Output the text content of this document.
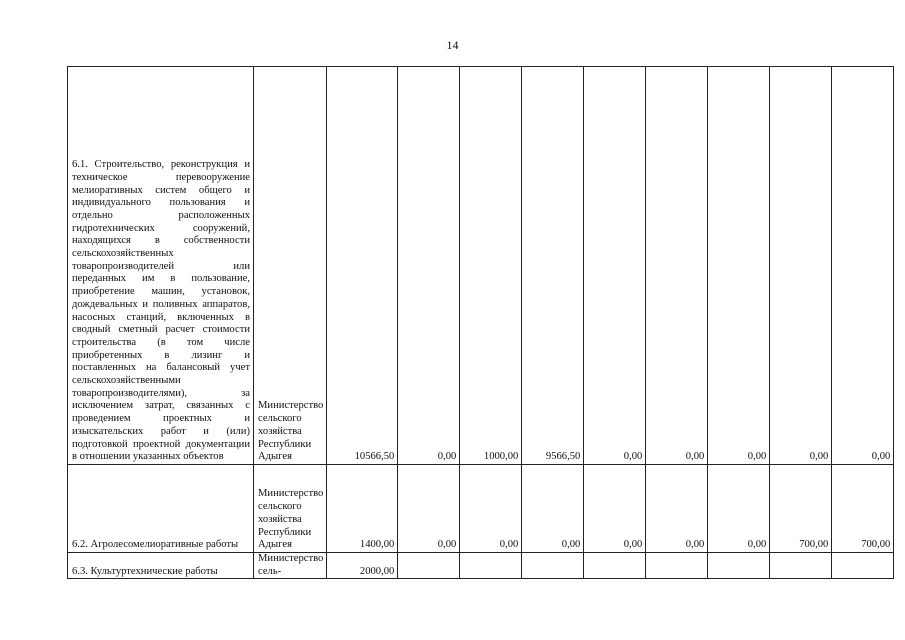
14
6.1. Строительство, реконструкция и техническое перевооружение мелиоративных систем общего и индивидуального пользования и отдельно расположенных гидротехнических сооружений, находящихся в собственности сельскохозяйственных товаропроизводителей или переданных им в пользование, приобретение машин, установок, дождевальных и поливных аппаратов, насосных станций, включенных в сводный сметный расчет стоимости строительства (в том числе приобретенных в лизинг и поставленных на балансовый учет сельскохозяйственными товаропроизводителями), за исключением затрат, связанных с проведением проектных и изыскательских работ и (или) подготовкой проектной документации в отношении указанных объектов	Министерство сельского хозяйства Республики Адыгея	10566,50	0,00	1000,00	9566,50	0,00	0,00	0,00	0,00	0,00

6.2. Агролесомелиоративные работы	Министерство сельского хозяйства Республики Адыгея	1400,00	0,00	0,00	0,00	0,00	0,00	0,00	700,00	700,00

6.3. Культуртехнические работы	Министерство сель-	2000,00								
